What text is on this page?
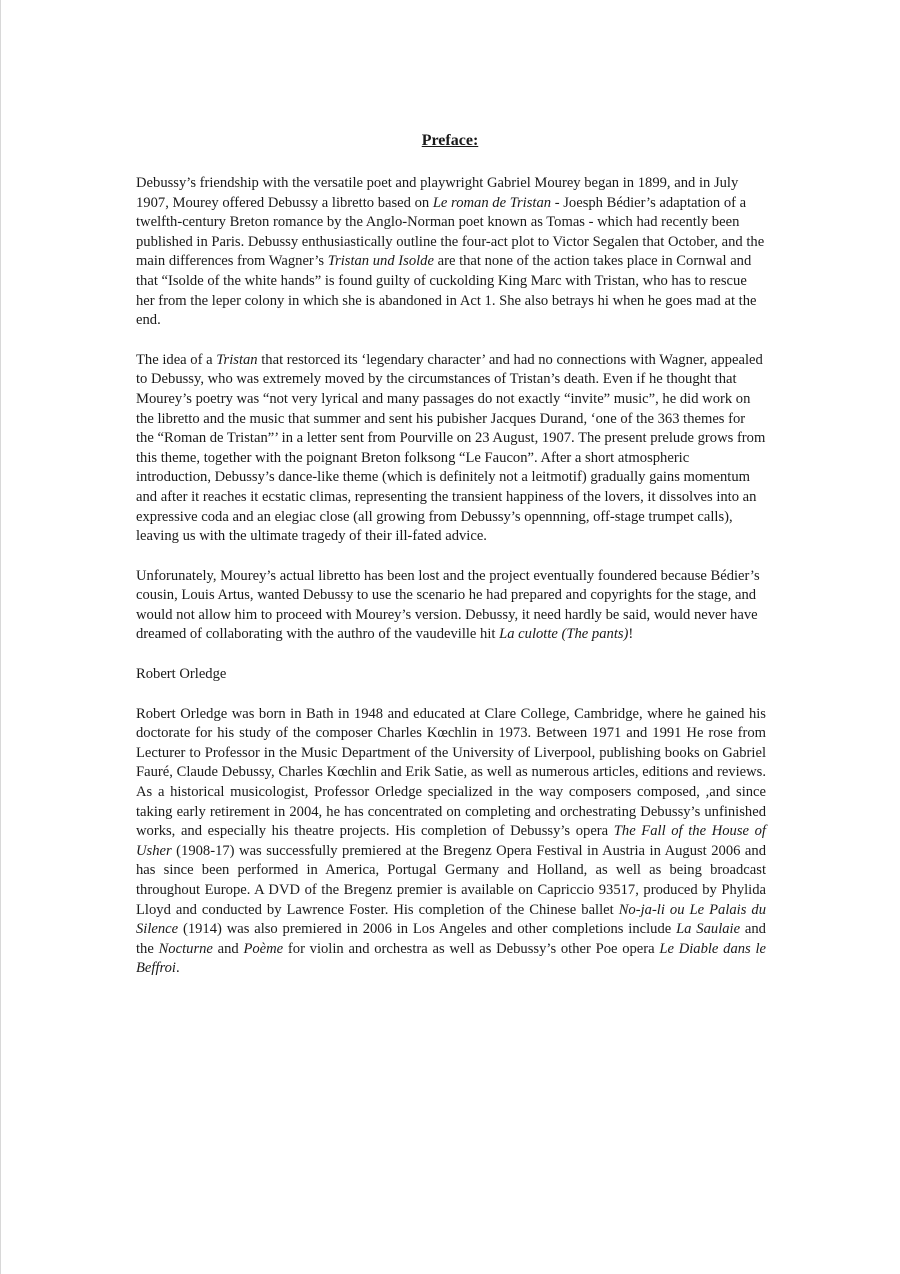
Preface:

Debussy’s friendship with the versatile poet and playwright Gabriel Mourey began in 1899, and in July 1907, Mourey offered Debussy a libretto based on Le roman de Tristan - Joesph Bédier’s adaptation of a twelfth-century Breton romance by the Anglo-Norman poet known as Tomas - which had recently been published in Paris. Debussy enthusiastically outline the four-act plot to Victor Segalen that October, and the main differences from Wagner’s Tristan und Isolde are that none of the action takes place in Cornwal and that “Isolde of the white hands” is found guilty of cuckolding King Marc with Tristan, who has to rescue her from the leper colony in which she is abandoned in Act 1. She also betrays hi when he goes mad at the end.

The idea of a Tristan that restorced its ‘legendary character’ and had no connections with Wagner, appealed to Debussy, who was extremely moved by the circumstances of Tristan’s death. Even if he thought that Mourey’s poetry was “not very lyrical and many passages do not exactly “invite” music”, he did work on the libretto and the music that summer and sent his pubisher Jacques Durand, ‘one of the 363 themes for the “Roman de Tristan”’ in a letter sent from Pourville on 23 August, 1907. The present prelude grows from this theme, together with the poignant Breton folksong “Le Faucon”. After a short atmospheric introduction, Debussy’s dance-like theme (which is definitely not a leitmotif) gradually gains momentum and after it reaches it ecstatic climas, representing the transient happiness of the lovers, it dissolves into an expressive coda and an elegiac close (all growing from Debussy’s opennning, off-stage trumpet calls), leaving us with the ultimate tragedy of their ill-fated advice.

Unforunately, Mourey’s actual libretto has been lost and the project eventually foundered because Bédier’s cousin, Louis Artus, wanted Debussy to use the scenario he had prepared and copyrights for the stage, and would not allow him to proceed with Mourey’s version. Debussy, it need hardly be said, would never have dreamed of collaborating with the authro of the vaudeville hit La culotte (The pants)!

Robert Orledge

Robert Orledge was born in Bath in 1948 and educated at Clare College, Cambridge, where he gained his doctorate for his study of the composer Charles Kœchlin in 1973. Between 1971 and 1991 He rose from Lecturer to Professor in the Music Department of the University of Liverpool, publishing books on Gabriel Fauré, Claude Debussy, Charles Kœchlin and Erik Satie, as well as numerous articles, editions and reviews. As a historical musicologist, Professor Orledge specialized in the way composers composed, ,and since taking early retirement in 2004, he has concentrated on completing and orchestrating Debussy’s unfinished works, and especially his theatre projects. His completion of Debussy’s opera The Fall of the House of Usher (1908-17) was successfully premiered at the Bregenz Opera Festival in Austria in August 2006 and has since been performed in America, Portugal Germany and Holland, as well as being broadcast throughout Europe. A DVD of the Bregenz premier is available on Capriccio 93517, produced by Phylida Lloyd and conducted by Lawrence Foster. His completion of the Chinese ballet No-ja-li ou Le Palais du Silence (1914) was also premiered in 2006 in Los Angeles and other completions include La Saulaie and the Nocturne and Poème for violin and orchestra as well as Debussy’s other Poe opera Le Diable dans le Beffroi.
